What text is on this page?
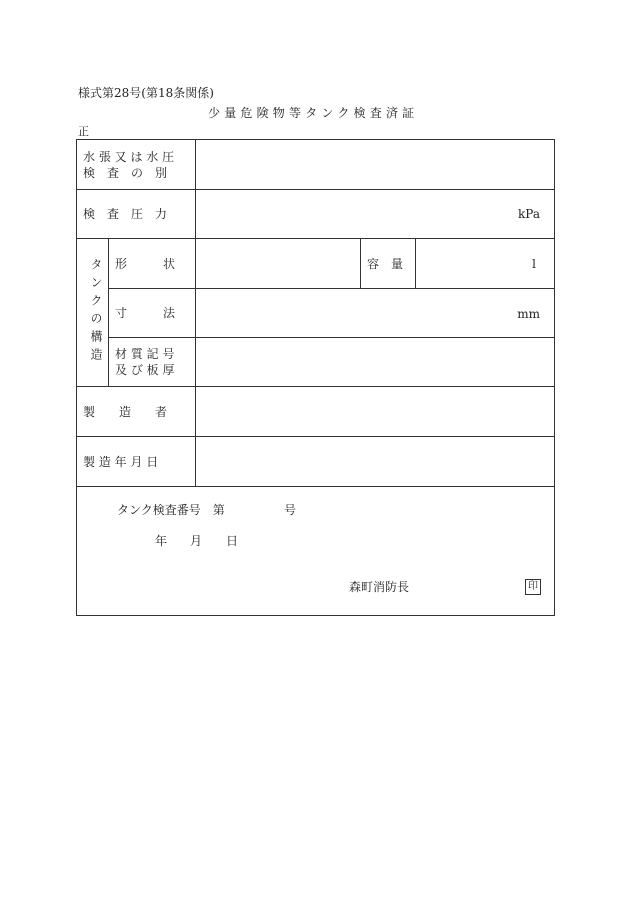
様式第28号(第18条関係)
少量危険物等タンク検査済証
正
水 張 又 は 水 圧
検　査　の　別
検　査　圧　力	kPa
タンクの構造 形　　　状	容　量	l
寸　　　法	mm
材 質 記 号
及 び 板 厚
製　　造　　者
製 造 年 月 日
タンク検査番号　第	号
年 月 日
森町消防長	印
